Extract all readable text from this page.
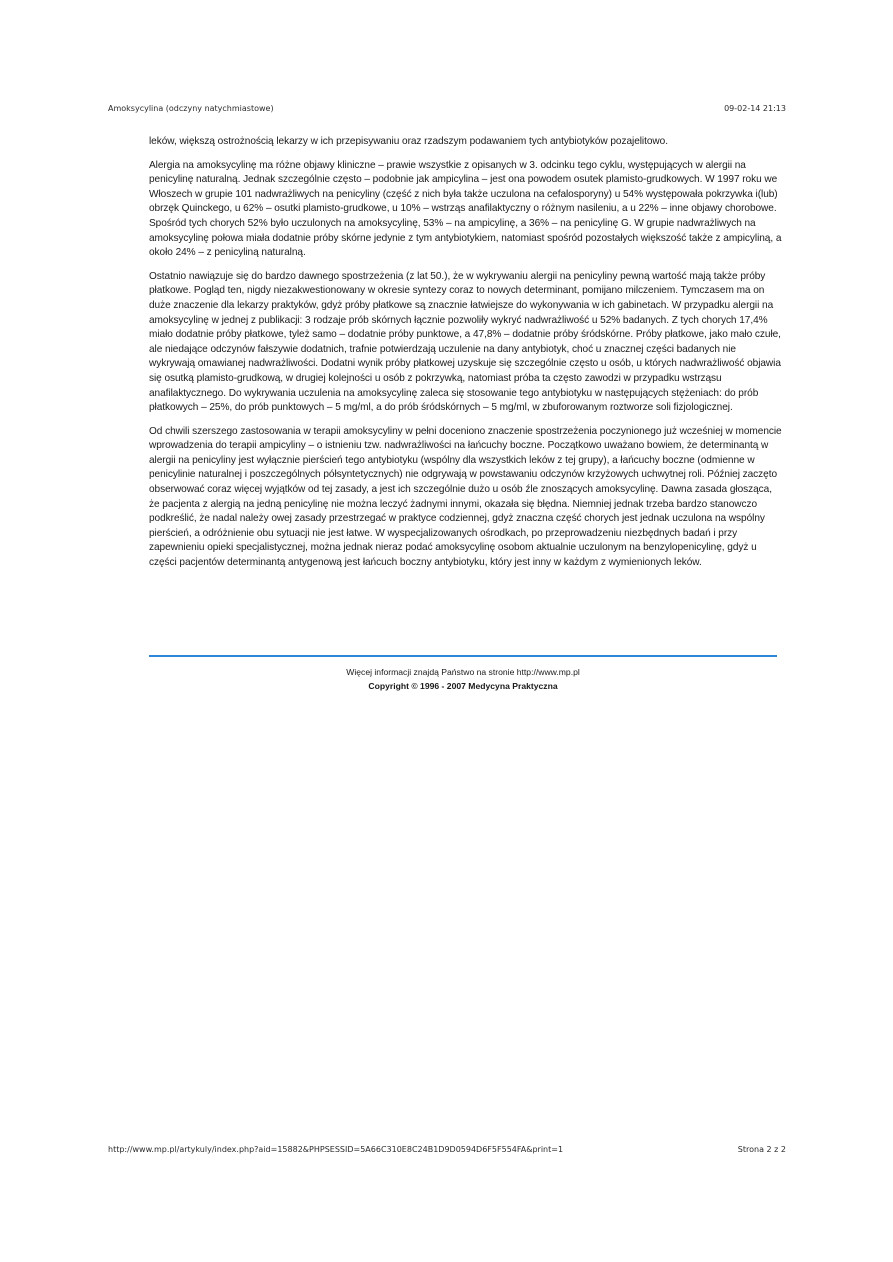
Amoksycylina (odczyny natychmiastowe)	09-02-14 21:13

leków, większą ostrożnością lekarzy w ich przepisywaniu oraz rzadszym podawaniem tych antybiotyków pozajelitowo.

Alergia na amoksycylinę ma różne objawy kliniczne – prawie wszystkie z opisanych w 3. odcinku tego cyklu, występujących w alergii na penicylinę naturalną. Jednak szczególnie często – podobnie jak ampicylina – jest ona powodem osutek plamisto-grudkowych. W 1997 roku we Włoszech w grupie 101 nadwrażliwych na penicyliny (część z nich była także uczulona na cefalosporyny) u 54% występowała pokrzywka i(lub) obrzęk Quinckego, u 62% – osutki plamisto-grudkowe, u 10% – wstrząs anafilaktyczny o różnym nasileniu, a u 22% – inne objawy chorobowe. Spośród tych chorych 52% było uczulonych na amoksycylinę, 53% – na ampicylinę, a 36% – na penicylinę G. W grupie nadwrażliwych na amoksycylinę połowa miała dodatnie próby skórne jedynie z tym antybiotykiem, natomiast spośród pozostałych większość także z ampicyliną, a około 24% – z penicyliną naturalną.

Ostatnio nawiązuje się do bardzo dawnego spostrzeżenia (z lat 50.), że w wykrywaniu alergii na penicyliny pewną wartość mają także próby płatkowe. Pogląd ten, nigdy niezakwestionowany w okresie syntezy coraz to nowych determinant, pomijano milczeniem. Tymczasem ma on duże znaczenie dla lekarzy praktyków, gdyż próby płatkowe są znacznie łatwiejsze do wykonywania w ich gabinetach. W przypadku alergii na amoksycylinę w jednej z publikacji: 3 rodzaje prób skórnych łącznie pozwoliły wykryć nadwrażliwość u 52% badanych. Z tych chorych 17,4% miało dodatnie próby płatkowe, tyleż samo – dodatnie próby punktowe, a 47,8% – dodatnie próby śródskórne. Próby płatkowe, jako mało czułe, ale niedające odczynów fałszywie dodatnich, trafnie potwierdzają uczulenie na dany antybiotyk, choć u znacznej części badanych nie wykrywają omawianej nadwrażliwości. Dodatni wynik próby płatkowej uzyskuje się szczególnie często u osób, u których nadwrażliwość objawia się osutką plamisto-grudkową, w drugiej kolejności u osób z pokrzywką, natomiast próba ta często zawodzi w przypadku wstrząsu anafilaktycznego. Do wykrywania uczulenia na amoksycylinę zaleca się stosowanie tego antybiotyku w następujących stężeniach: do prób płatkowych – 25%, do prób punktowych – 5 mg/ml, a do prób śródskórnych – 5 mg/ml, w zbuforowanym roztworze soli fizjologicznej.

Od chwili szerszego zastosowania w terapii amoksycyliny w pełni doceniono znaczenie spostrzeżenia poczynionego już wcześniej w momencie wprowadzenia do terapii ampicyliny – o istnieniu tzw. nadwrażliwości na łańcuchy boczne. Początkowo uważano bowiem, że determinantą w alergii na penicyliny jest wyłącznie pierścień tego antybiotyku (wspólny dla wszystkich leków z tej grupy), a łańcuchy boczne (odmienne w penicylinie naturalnej i poszczególnych półsyntetycznych) nie odgrywają w powstawaniu odczynów krzyżowych uchwytnej roli. Później zaczęto obserwować coraz więcej wyjątków od tej zasady, a jest ich szczególnie dużo u osób źle znoszących amoksycylinę. Dawna zasada głosząca, że pacjenta z alergią na jedną penicylinę nie można leczyć żadnymi innymi, okazała się błędna. Niemniej jednak trzeba bardzo stanowczo podkreślić, że nadal należy owej zasady przestrzegać w praktyce codziennej, gdyż znaczna część chorych jest jednak uczulona na wspólny pierścień, a odróżnienie obu sytuacji nie jest łatwe. W wyspecjalizowanych ośrodkach, po przeprowadzeniu niezbędnych badań i przy zapewnieniu opieki specjalistycznej, można jednak nieraz podać amoksycylinę osobom aktualnie uczulonym na benzylopenicylinę, gdyż u części pacjentów determinantą antygenową jest łańcuch boczny antybiotyku, który jest inny w każdym z wymienionych leków.

Więcej informacji znajdą Państwo na stronie http://www.mp.pl
Copyright © 1996 - 2007 Medycyna Praktyczna
http://www.mp.pl/artykuly/index.php?aid=15882&PHPSESSID=5A66C310E8C24B1D9D0594D6F5F554FA&print=1	Strona 2 z 2
